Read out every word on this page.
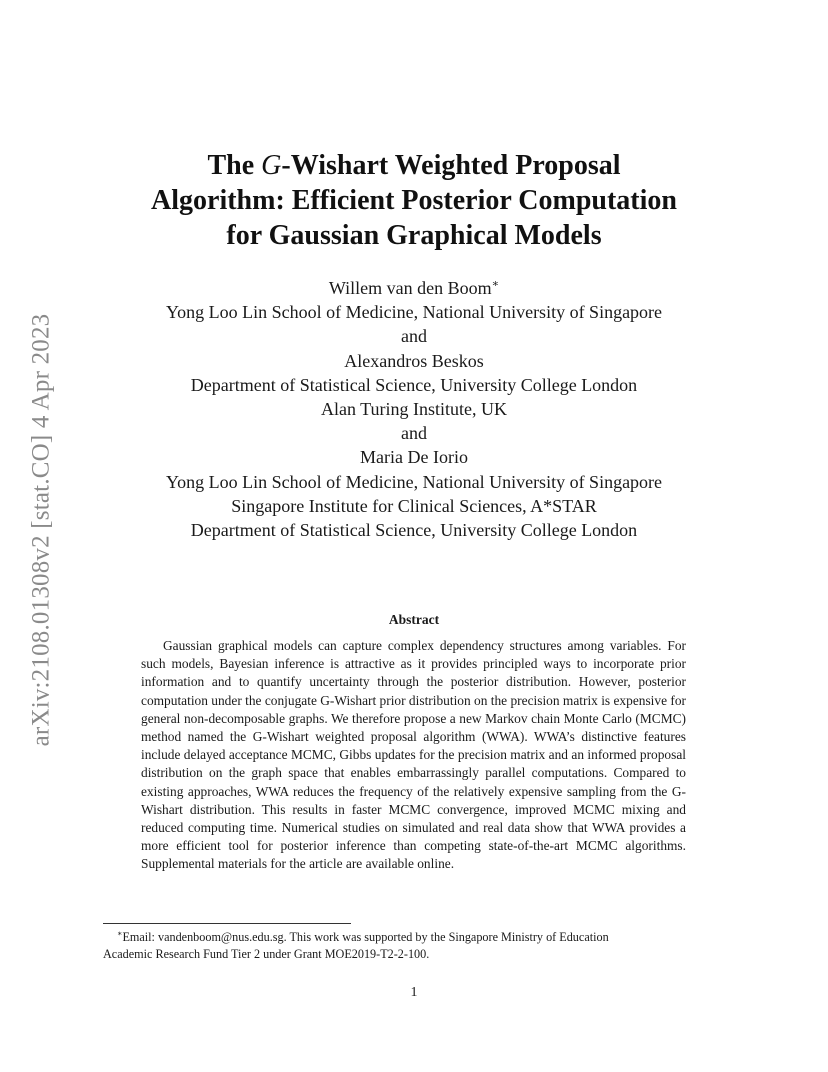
arXiv:2108.01308v2 [stat.CO] 4 Apr 2023
The G-Wishart Weighted Proposal
Algorithm: Efficient Posterior Computation
for Gaussian Graphical Models
Willem van den Boom∗
Yong Loo Lin School of Medicine, National University of Singapore
and
Alexandros Beskos
Department of Statistical Science, University College London
Alan Turing Institute, UK
and
Maria De Iorio
Yong Loo Lin School of Medicine, National University of Singapore
Singapore Institute for Clinical Sciences, A*STAR
Department of Statistical Science, University College London
Abstract

Gaussian graphical models can capture complex dependency structures among variables. For such models, Bayesian inference is attractive as it provides principled ways to incorporate prior information and to quantify uncertainty through the posterior distribution. However, posterior computation under the conjugate G-Wishart prior distribution on the precision matrix is expensive for general non-decomposable graphs. We therefore propose a new Markov chain Monte Carlo (MCMC) method named the G-Wishart weighted proposal algorithm (WWA). WWA’s distinctive features include delayed acceptance MCMC, Gibbs updates for the precision matrix and an informed proposal distribution on the graph space that enables embarrassingly parallel computations. Compared to existing approaches, WWA reduces the frequency of the relatively expensive sampling from the G-Wishart distribution. This results in faster MCMC convergence, improved MCMC mixing and reduced computing time. Numerical studies on simulated and real data show that WWA provides a more efficient tool for posterior inference than competing state-of-the-art MCMC algorithms. Supplemental materials for the article are available online.

∗Email: vandenboom@nus.edu.sg. This work was supported by the Singapore Ministry of Education
Academic Research Fund Tier 2 under Grant MOE2019-T2-2-100.
1
